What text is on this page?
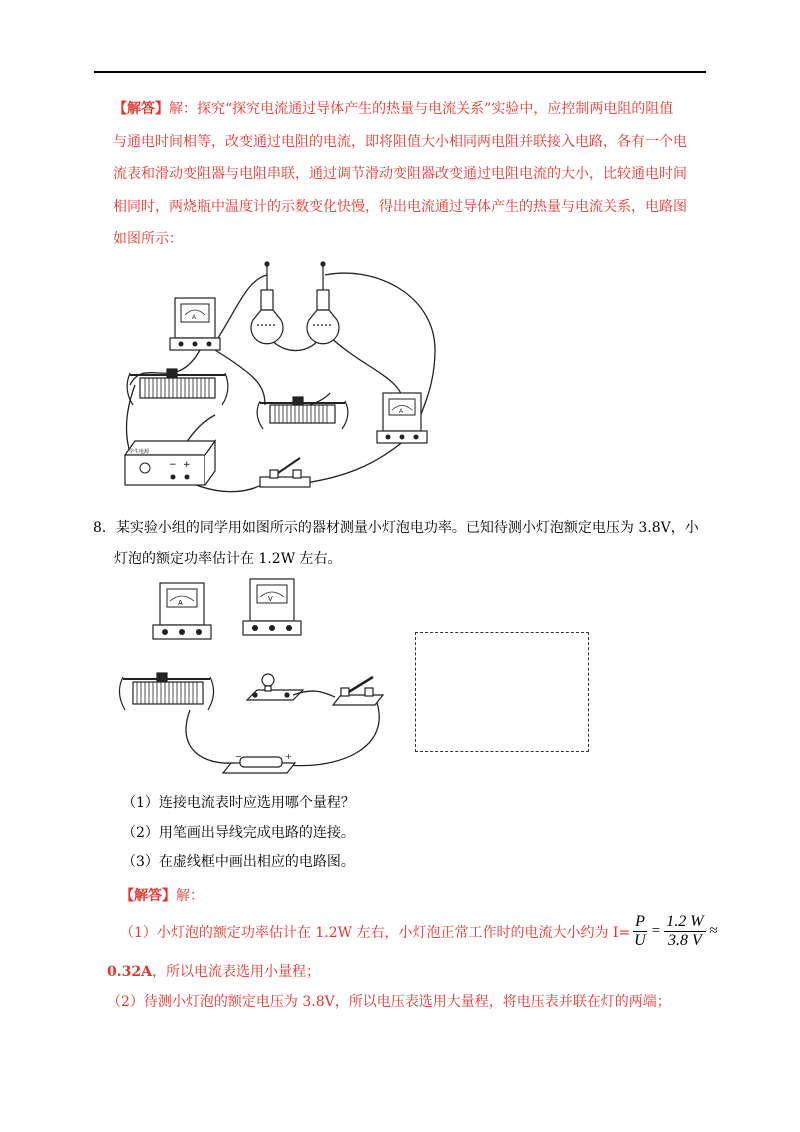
【解答】解：探究“探究电流通过导体产生的热量与电流关系”实验中，应控制两电阻的阻值

与通电时间相等，改变通过电阻的电流，即将阻值大小相同两电阻并联接入电路，各有一个电

流表和滑动变阻器与电阻串联，通过调节滑动变阻器改变通过电阻电流的大小，比较通电时间

相同时，两烧瓶中温度计的示数变化快慢，得出电流通过导体产生的热量与电流关系，电路图

如图所示：

A
A
学生电源
− +

8．某实验小组的同学用如图所示的器材测量小灯泡电功率。已知待测小灯泡额定电压为 3.8V，小

灯泡的额定功率估计在 1.2W 左右。

A
V
−	+
（1）连接电流表时应选用哪个量程？
（2）用笔画出导线完成电路的连接。
（3）在虚线框中画出相应的电路图。
【解答】解：
（1）小灯泡的额定功率估计在 1.2W 左右，小灯泡正常工作时的电流大小约为 $I= \frac{P}{U} = \frac{1.2 W}{3.8 V}$ ≈
0.32A，所以电流表选用小量程；
（2）待测小灯泡的额定电压为 3.8V，所以电压表选用大量程，将电压表并联在灯的两端；
